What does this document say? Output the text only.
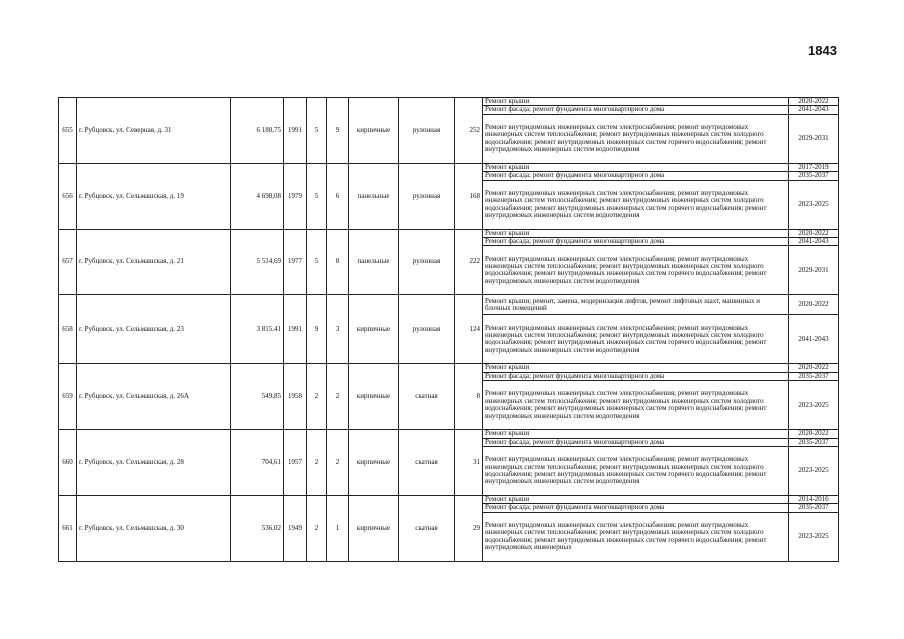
1843
655	г. Рубцовск, ул. Северная, д. 31	6 180,75	1991	5	9	кирпичные	рулонная	252	Ремонт крыши	2020-2022
									Ремонт фасада; ремонт фундамента многоквартирного дома	2041-2043
									Ремонт внутридомовых инженерных систем электроснабжения; ремонт внутридомовых инженерных систем теплоснабжения; ремонт внутридомовых инженерных систем холодного водоснабжения; ремонт внутридомовых инженерных систем горячего водоснабжения; ремонт внутридомовых инженерных систем водоотведения	2029-2031
656	г. Рубцовск, ул. Сельмашская, д. 19	4 698,08	1979	5	6	панельные	рулонная	168	Ремонт крыши	2017-2019
									Ремонт фасада; ремонт фундамента многоквартирного дома	2035-2037
									Ремонт внутридомовых инженерных систем электроснабжения; ремонт внутридомовых инженерных систем теплоснабжения; ремонт внутридомовых инженерных систем холодного водоснабжения; ремонт внутридомовых инженерных систем горячего водоснабжения; ремонт внутридомовых инженерных систем водоотведения	2023-2025
657	г. Рубцовск, ул. Сельмашская, д. 21	5 514,69	1977	5	8	панельные	рулонная	222	Ремонт крыши	2020-2022
									Ремонт фасада; ремонт фундамента многоквартирного дома	2041-2043
									Ремонт внутридомовых инженерных систем электроснабжения; ремонт внутридомовых инженерных систем теплоснабжения; ремонт внутридомовых инженерных систем холодного водоснабжения; ремонт внутридомовых инженерных систем горячего водоснабжения; ремонт внутридомовых инженерных систем водоотведения	2029-2031
658	г. Рубцовск, ул. Сельмашская, д. 23	3 815,41	1991	9	3	кирпичные	рулонная	124	Ремонт крыши; ремонт, замена, модернизация лифтов, ремонт лифтовых шахт, машинных и блочных помещений	2020-2022
									Ремонт внутридомовых инженерных систем электроснабжения; ремонт внутридомовых инженерных систем теплоснабжения; ремонт внутридомовых инженерных систем холодного водоснабжения; ремонт внутридомовых инженерных систем горячего водоснабжения; ремонт внутридомовых инженерных систем водоотведения	2041-2043
659	г. Рубцовск, ул. Сельмашская, д. 26А	549,85	1958	2	2	кирпичные	скатная	8	Ремонт крыши	2020-2022
									Ремонт фасада; ремонт фундамента многоквартирного дома	2035-2037
									Ремонт внутридомовых инженерных систем электроснабжения; ремонт внутридомовых инженерных систем теплоснабжения; ремонт внутридомовых инженерных систем холодного водоснабжения; ремонт внутридомовых инженерных систем горячего водоснабжения; ремонт внутридомовых инженерных систем водоотведения	2023-2025
660	г. Рубцовск, ул. Сельмашская, д. 28	704,61	1957	2	2	кирпичные	скатная	31	Ремонт крыши	2020-2022
									Ремонт фасада; ремонт фундамента многоквартирного дома	2035-2037
									Ремонт внутридомовых инженерных систем электроснабжения; ремонт внутридомовых инженерных систем теплоснабжения; ремонт внутридомовых инженерных систем холодного водоснабжения; ремонт внутридомовых инженерных систем горячего водоснабжения; ремонт внутридомовых инженерных систем водоотведения	2023-2025
661	г. Рубцовск, ул. Сельмашская, д. 30	536,02	1949	2	1	кирпичные	скатная	29	Ремонт крыши	2014-2016
									Ремонт фасада; ремонт фундамента многоквартирного дома	2035-2037
									Ремонт внутридомовых инженерных систем электроснабжения; ремонт внутридомовых инженерных систем теплоснабжения; ремонт внутридомовых инженерных систем холодного водоснабжения; ремонт внутридомовых инженерных систем горячего водоснабжения; ремонт внутридомовых инженерных	2023-2025
